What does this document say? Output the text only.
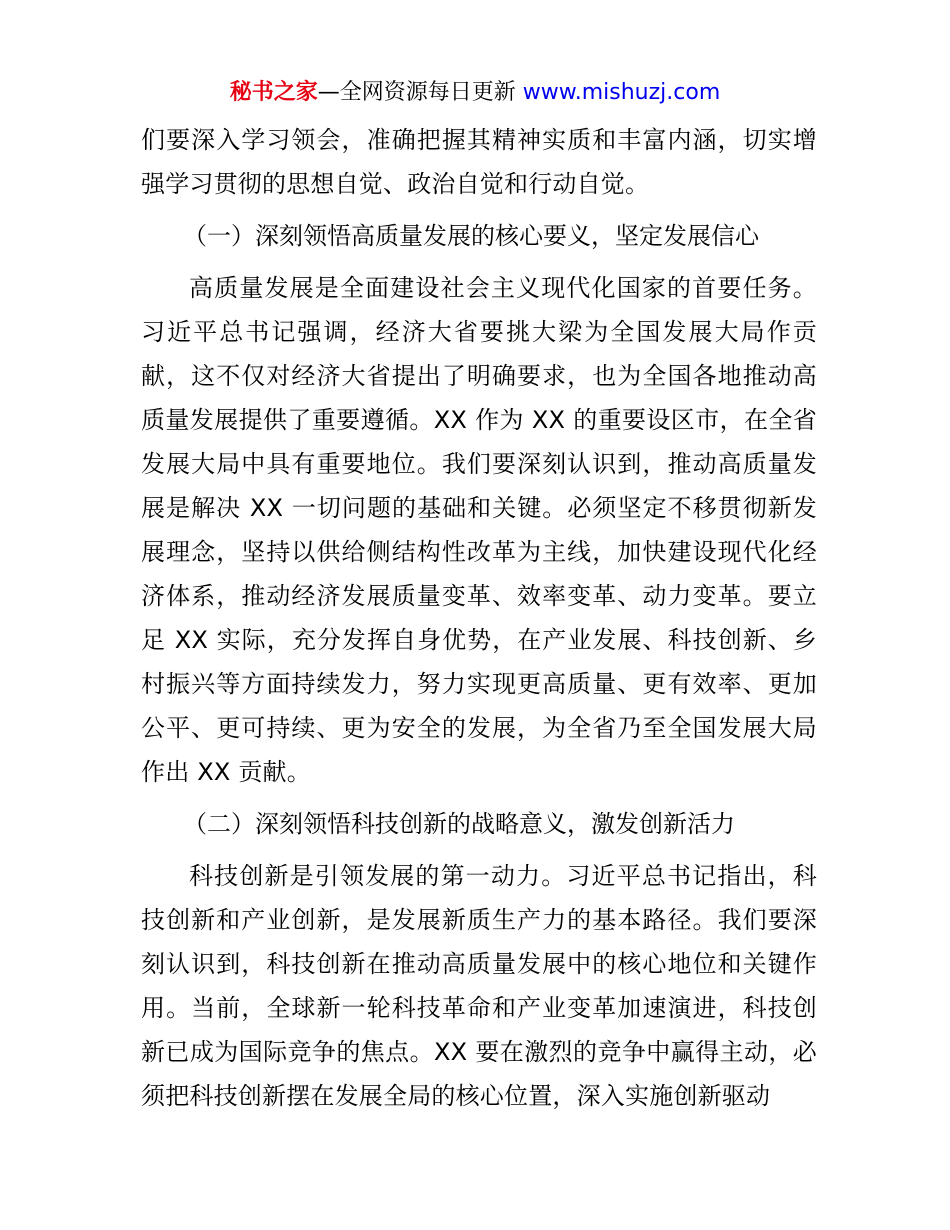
秘书之家—全网资源每日更新 www.mishuzj.com

们要深入学习领会，准确把握其精神实质和丰富内涵，切实增强学习贯彻的思想自觉、政治自觉和行动自觉。

（一）深刻领悟高质量发展的核心要义，坚定发展信心

高质量发展是全面建设社会主义现代化国家的首要任务。习近平总书记强调，经济大省要挑大梁为全国发展大局作贡献，这不仅对经济大省提出了明确要求，也为全国各地推动高质量发展提供了重要遵循。XX 作为 XX 的重要设区市，在全省发展大局中具有重要地位。我们要深刻认识到，推动高质量发展是解决 XX 一切问题的基础和关键。必须坚定不移贯彻新发展理念，坚持以供给侧结构性改革为主线，加快建设现代化经济体系，推动经济发展质量变革、效率变革、动力变革。要立足 XX 实际，充分发挥自身优势，在产业发展、科技创新、乡村振兴等方面持续发力，努力实现更高质量、更有效率、更加公平、更可持续、更为安全的发展，为全省乃至全国发展大局作出 XX 贡献。

（二）深刻领悟科技创新的战略意义，激发创新活力

科技创新是引领发展的第一动力。习近平总书记指出，科技创新和产业创新，是发展新质生产力的基本路径。我们要深刻认识到，科技创新在推动高质量发展中的核心地位和关键作用。当前，全球新一轮科技革命和产业变革加速演进，科技创新已成为国际竞争的焦点。XX 要在激烈的竞争中赢得主动，必须把科技创新摆在发展全局的核心位置，深入实施创新驱动
